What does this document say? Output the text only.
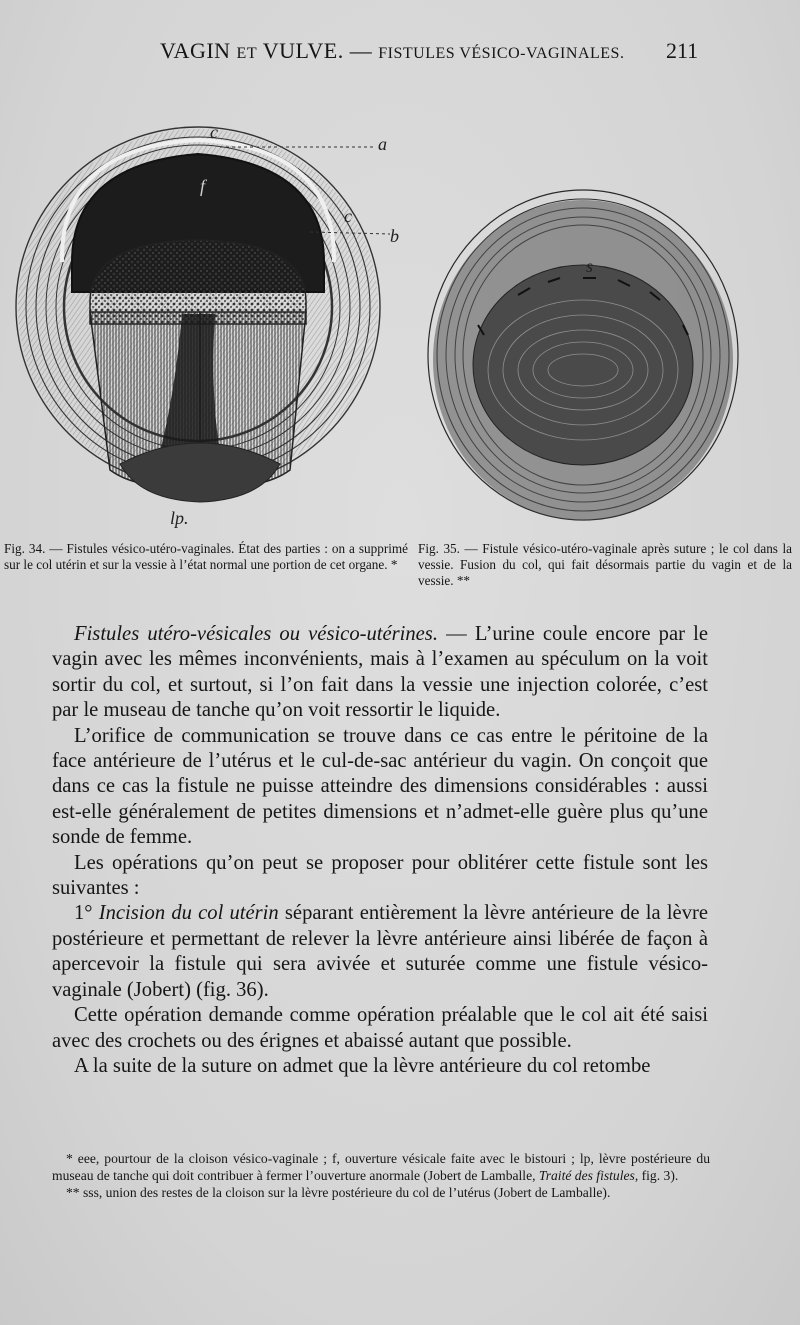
VAGIN ET VULVE. — FISTULES VÉSICO-VAGINALES. 211
a
b
c
c
f
lp.
s
Fig. 34. — Fistules vésico-utéro-vaginales. État des parties : on a supprimé sur le col utérin et sur la vessie à l’état normal une portion de cet organe. *
Fig. 35. — Fistule vésico-utéro-vaginale après suture ; le col dans la vessie. Fusion du col, qui fait désormais partie du vagin et de la vessie. **

Fistules utéro-vésicales ou vésico-utérines. — L’urine coule encore par le vagin avec les mêmes inconvénients, mais à l’examen au spéculum on la voit sortir du col, et surtout, si l’on fait dans la vessie une injection colorée, c’est par le museau de tanche qu’on voit ressortir le liquide.

L’orifice de communication se trouve dans ce cas entre le péritoine de la face antérieure de l’utérus et le cul-de-sac antérieur du vagin. On conçoit que dans ce cas la fistule ne puisse atteindre des dimensions considérables : aussi est-elle généralement de petites dimensions et n’admet-elle guère plus qu’une sonde de femme.

Les opérations qu’on peut se proposer pour oblitérer cette fistule sont les suivantes :

1° Incision du col utérin séparant entièrement la lèvre antérieure de la lèvre postérieure et permettant de relever la lèvre antérieure ainsi libérée de façon à apercevoir la fistule qui sera avivée et suturée comme une fistule vésico-vaginale (Jobert) (fig. 36).

Cette opération demande comme opération préalable que le col ait été saisi avec des crochets ou des érignes et abaissé autant que possible.

A la suite de la suture on admet que la lèvre antérieure du col retombe

* eee, pourtour de la cloison vésico-vaginale ; f, ouverture vésicale faite avec le bistouri ; lp, lèvre postérieure du museau de tanche qui doit contribuer à fermer l’ouverture anormale (Jobert de Lamballe, Traité des fistules, fig. 3).

** sss, union des restes de la cloison sur la lèvre postérieure du col de l’utérus (Jobert de Lamballe).
